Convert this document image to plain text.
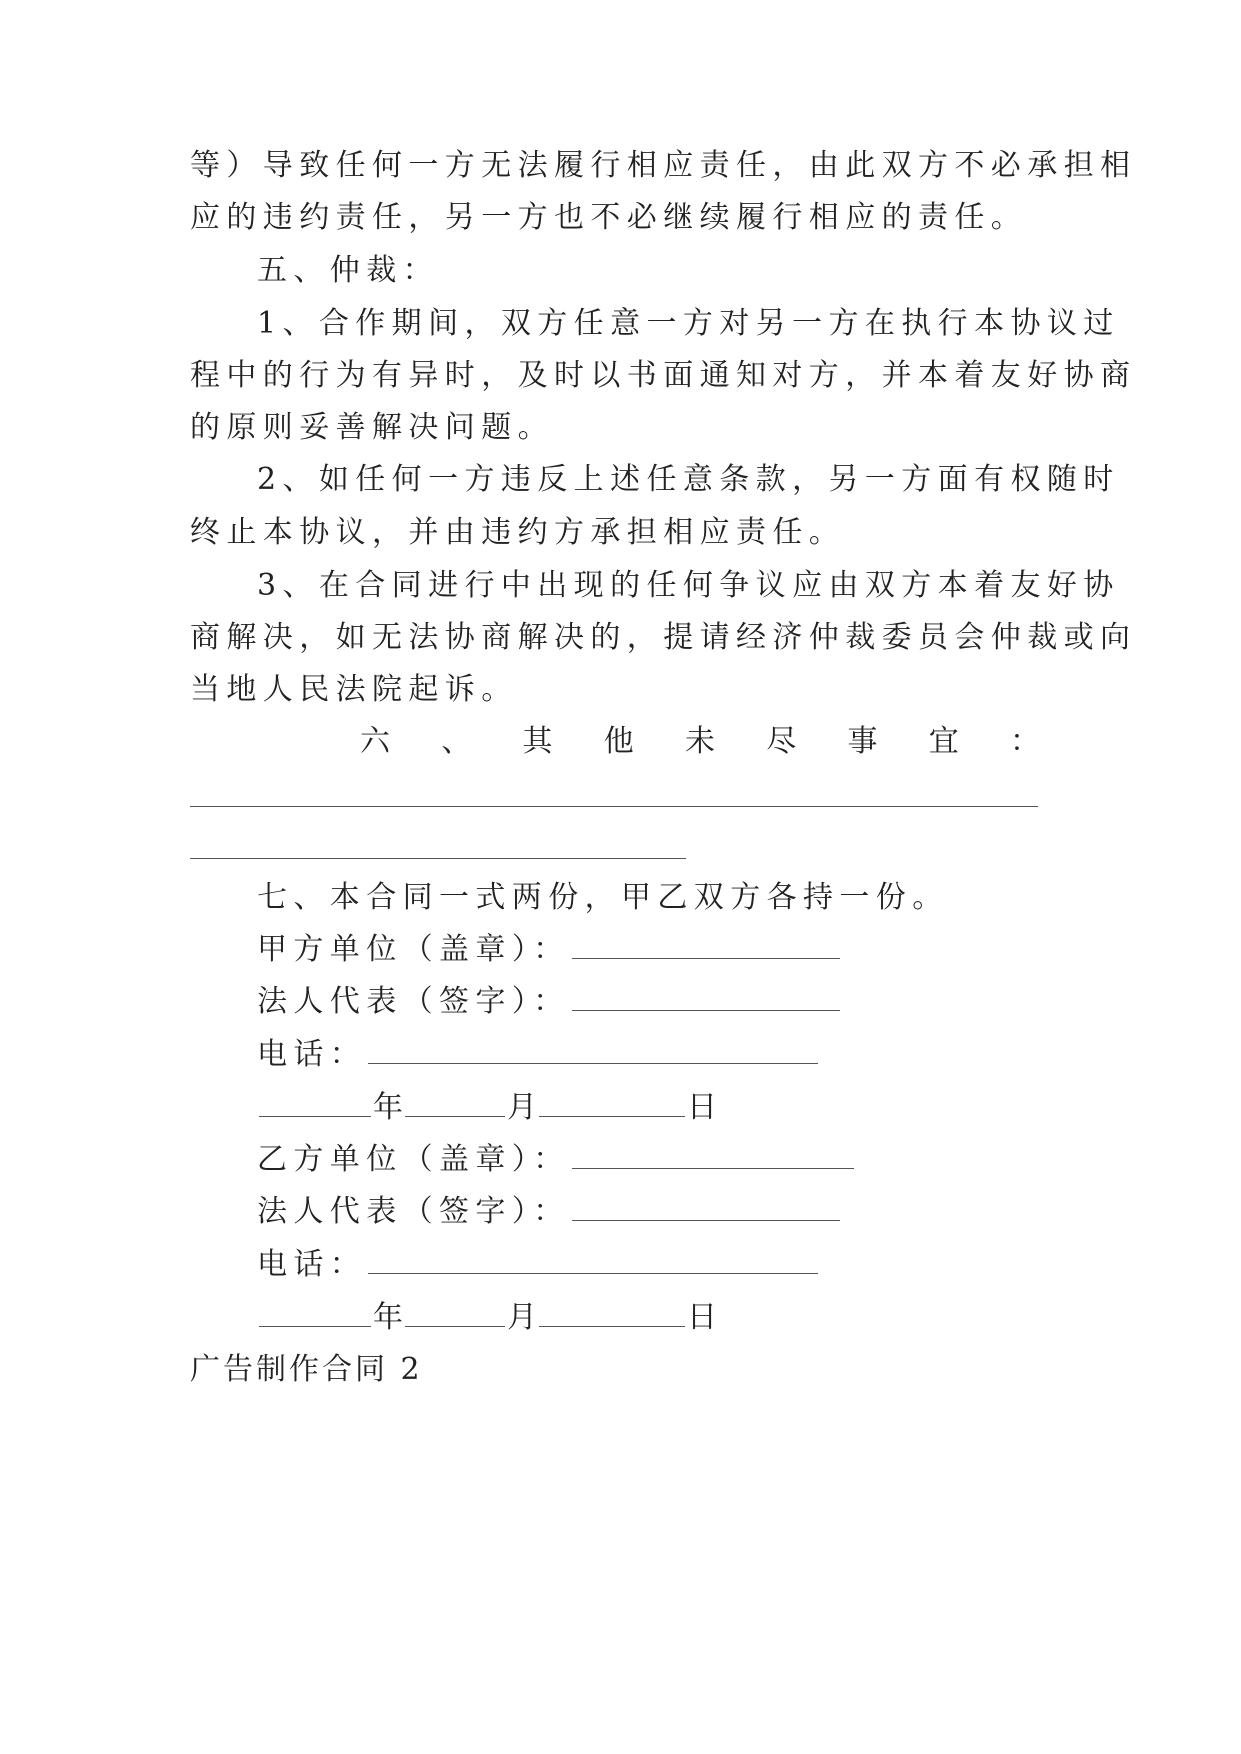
等）导致任何一方无法履行相应责任，由此双方不必承担相
应的违约责任，另一方也不必继续履行相应的责任。
五、仲裁：
1、合作期间，双方任意一方对另一方在执行本协议过
程中的行为有异时，及时以书面通知对方，并本着友好协商
的原则妥善解决问题。
2、如任何一方违反上述任意条款，另一方面有权随时
终止本协议，并由违约方承担相应责任。
3、在合同进行中出现的任何争议应由双方本着友好协
商解决，如无法协商解决的，提请经济仲裁委员会仲裁或向
当地人民法院起诉。
六 、 其 他 未 尽 事 宜 ：
七、本合同一式两份，甲乙双方各持一份。
甲方单位（盖章）：
法人代表（签字）：
电话：
年	月	日
乙方单位（盖章）：
法人代表（签字）：
电话：
年	月	日
广告制作合同 2
